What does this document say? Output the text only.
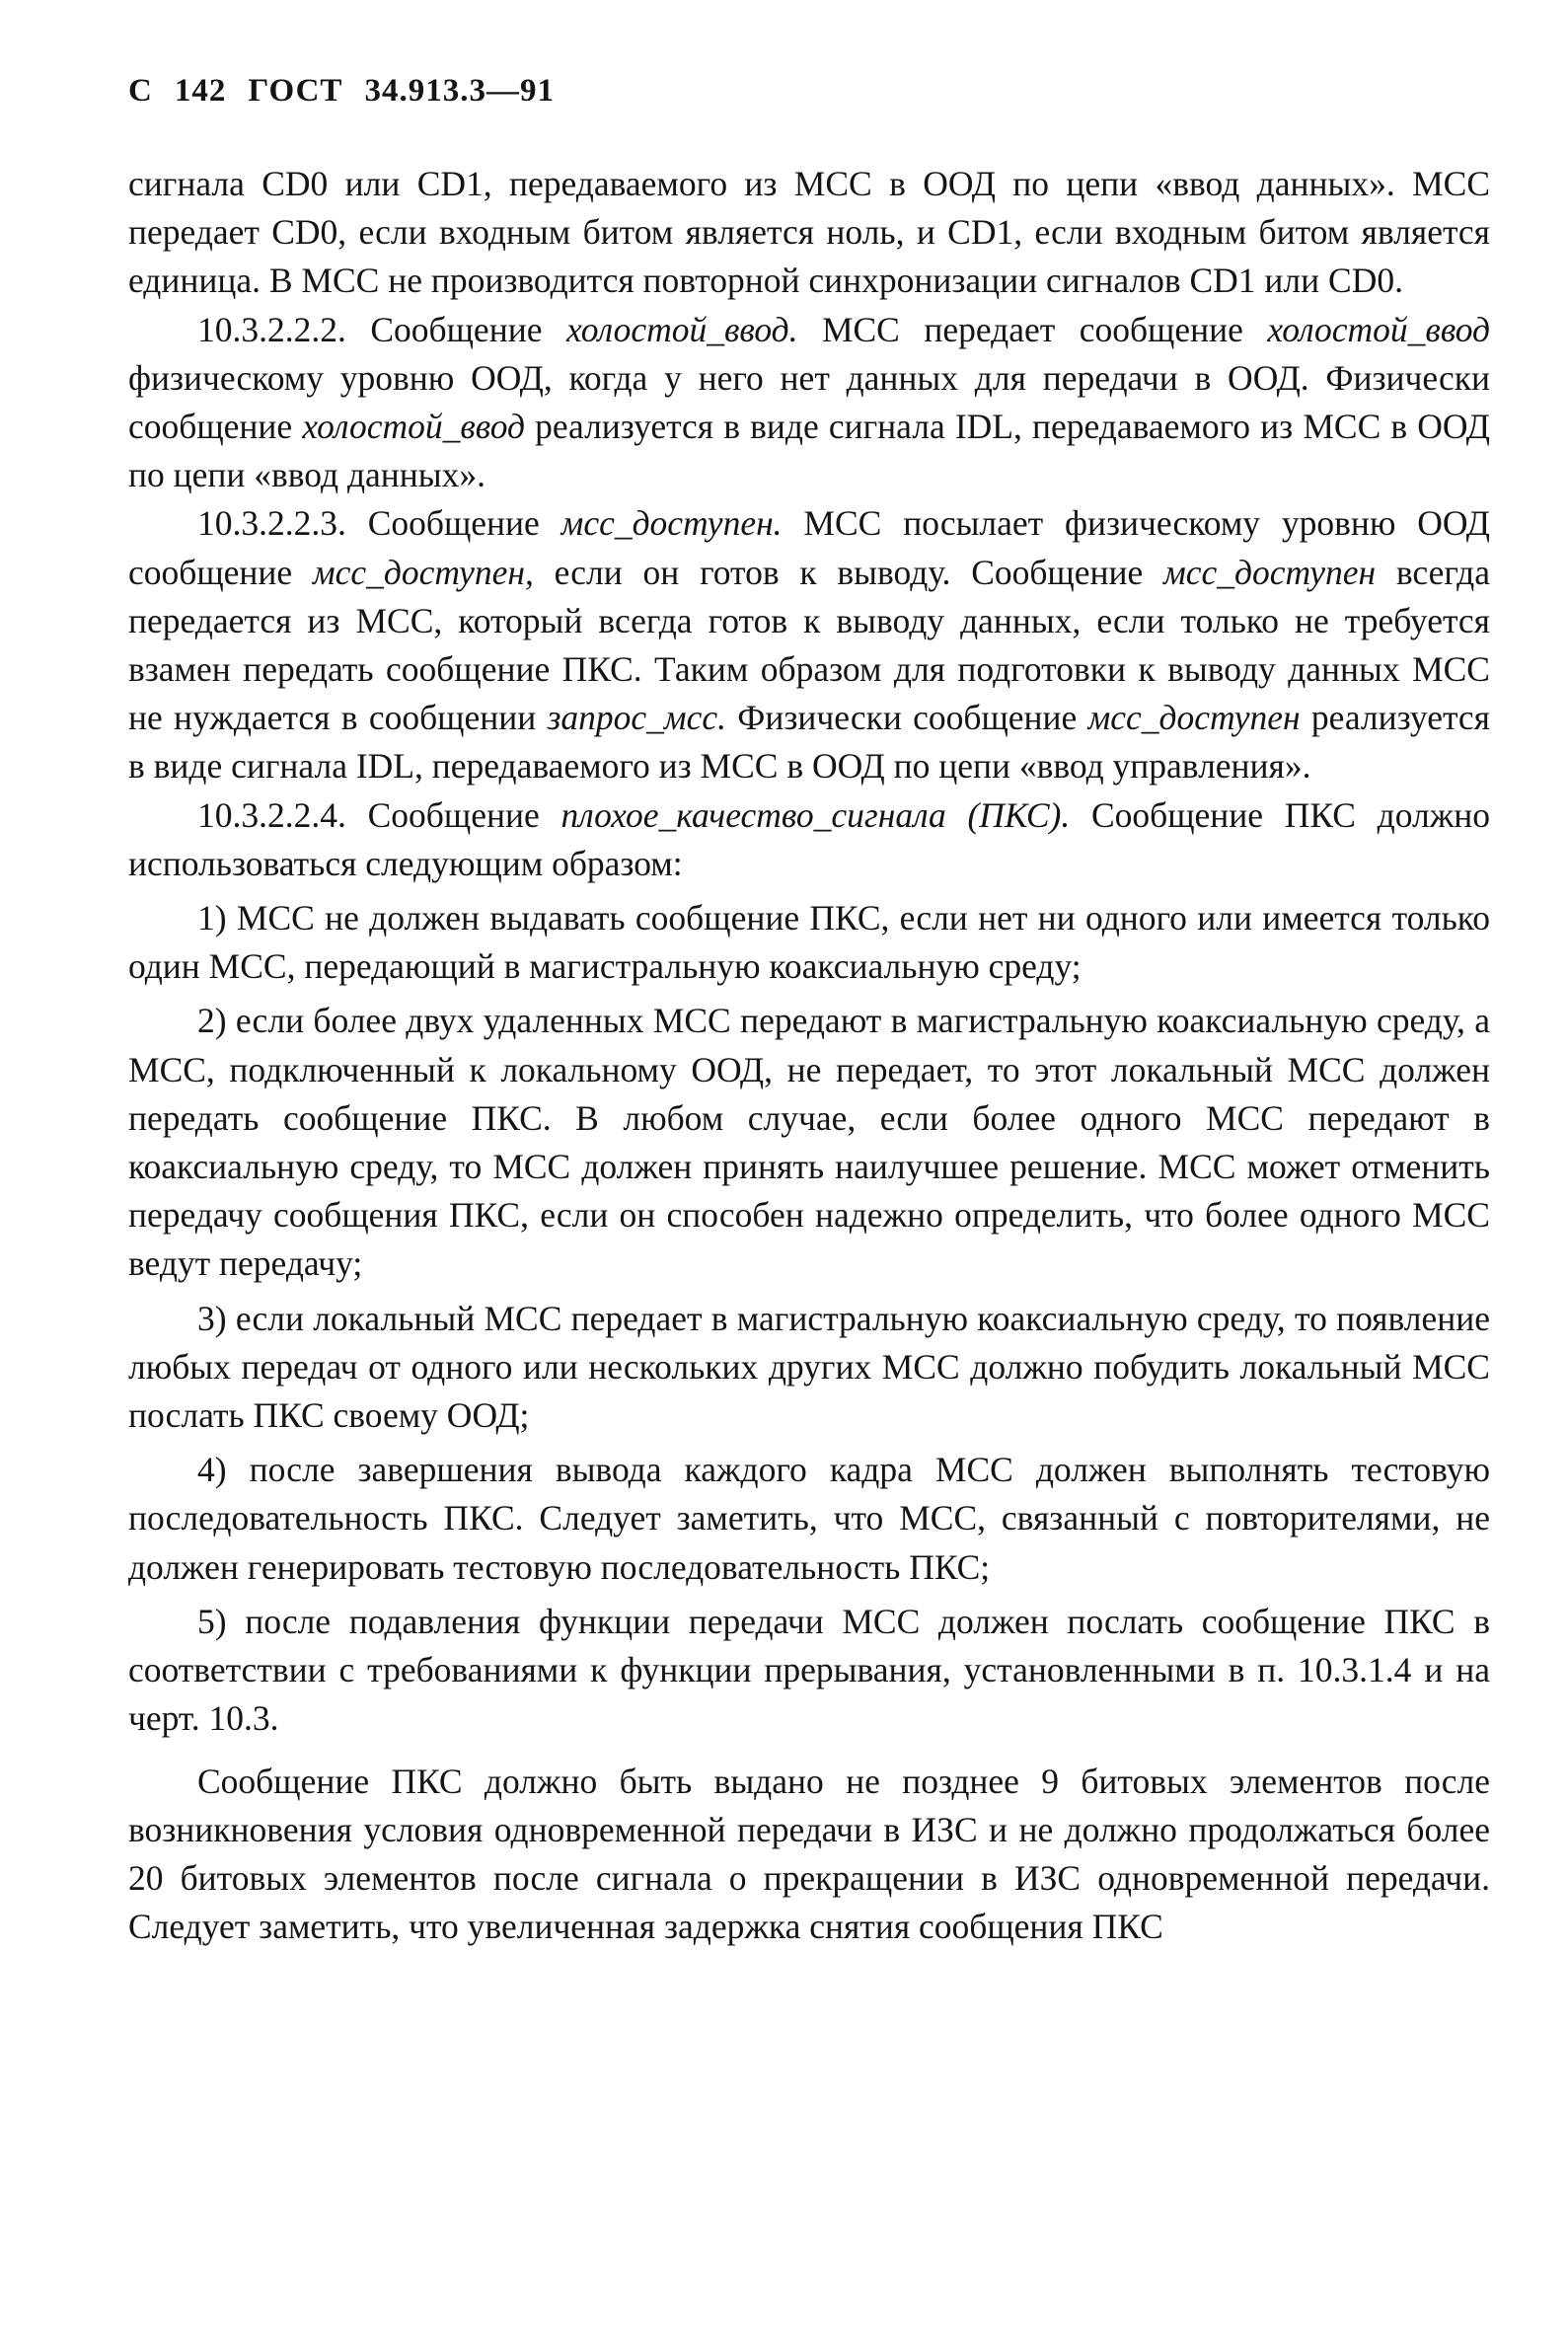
С 142 ГОСТ 34.913.3—91

сигнала CD0 или CD1, передаваемого из МСС в ООД по цепи «ввод данных». МСС передает CD0, если входным битом является ноль, и CD1, если входным битом является единица. В МСС не производится повторной синхронизации сигналов CD1 или CD0.

10.3.2.2.2. Сообщение холостой_ввод. МСС передает сообщение холостой_ввод физическому уровню ООД, когда у него нет данных для передачи в ООД. Физически сообщение холостой_ввод реализуется в виде сигнала IDL, передаваемого из МСС в ООД по цепи «ввод данных».

10.3.2.2.3. Сообщение мсс_доступен. МСС посылает физическому уровню ООД сообщение мсс_доступен, если он готов к выводу. Сообщение мсс_доступен всегда передается из МСС, который всегда готов к выводу данных, если только не требуется взамен передать сообщение ПКС. Таким образом для подготовки к выводу данных МСС не нуждается в сообщении запрос_мсс. Физически сообщение мсс_доступен реализуется в виде сигнала IDL, передаваемого из МСС в ООД по цепи «ввод управления».

10.3.2.2.4. Сообщение плохое_качество_сигнала (ПКС). Сообщение ПКС должно использоваться следующим образом:

1) МСС не должен выдавать сообщение ПКС, если нет ни одного или имеется только один МСС, передающий в магистральную коаксиальную среду;

2) если более двух удаленных МСС передают в магистральную коаксиальную среду, а МСС, подключенный к локальному ООД, не передает, то этот локальный МСС должен передать сообщение ПКС. В любом случае, если более одного МСС передают в коаксиальную среду, то МСС должен принять наилучшее решение. МСС может отменить передачу сообщения ПКС, если он способен надежно определить, что более одного МСС ведут передачу;

3) если локальный МСС передает в магистральную коаксиальную среду, то появление любых передач от одного или нескольких других МСС должно побудить локальный МСС послать ПКС своему ООД;

4) после завершения вывода каждого кадра МСС должен выполнять тестовую последовательность ПКС. Следует заметить, что МСС, связанный с повторителями, не должен генерировать тестовую последовательность ПКС;

5) после подавления функции передачи МСС должен послать сообщение ПКС в соответствии с требованиями к функции прерывания, установленными в п. 10.3.1.4 и на черт. 10.3.

Сообщение ПКС должно быть выдано не позднее 9 битовых элементов после возникновения условия одновременной передачи в ИЗС и не должно продолжаться более 20 битовых элементов после сигнала о прекращении в ИЗС одновременной передачи. Следует заметить, что увеличенная задержка снятия сообщения ПКС
